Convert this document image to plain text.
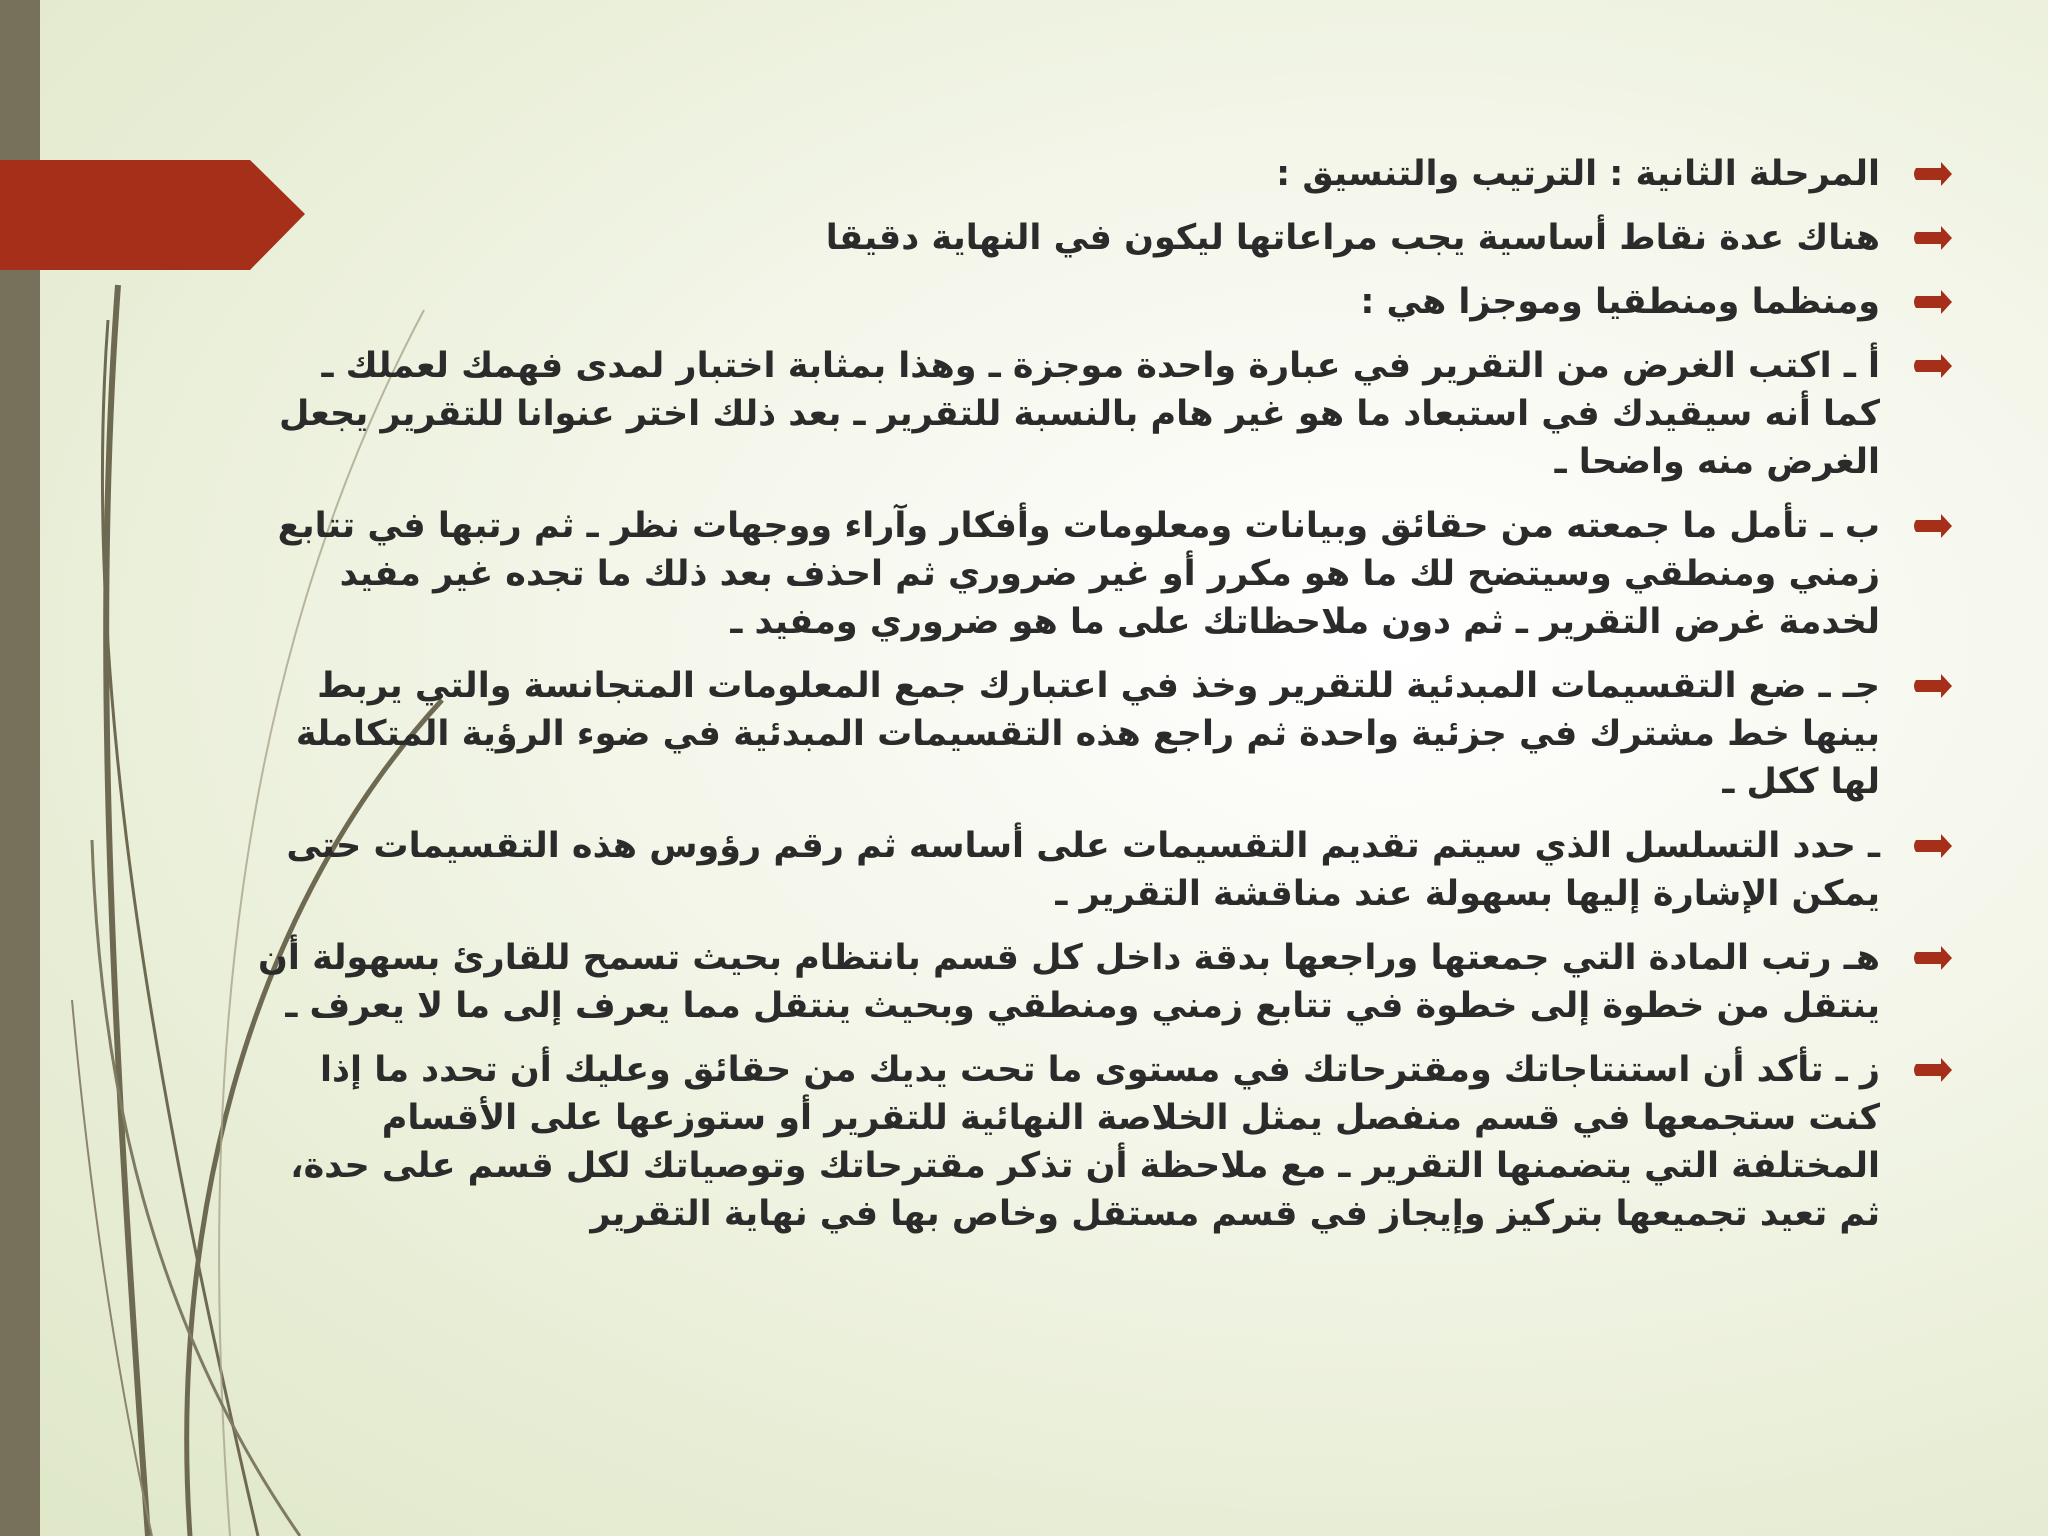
المرحلة الثانية : الترتيب والتنسيق :
هناك عدة نقاط أساسية يجب مراعاتها ليكون في النهاية دقيقا
ومنظما ومنطقيا وموجزا هي :
أ ـ اكتب الغرض من التقرير في عبارة واحدة موجزة ـ وهذا بمثابة اختبار لمدى فهمك لعملك ـ كما أنه سيقيدك في استبعاد ما هو غير هام بالنسبة للتقرير ـ بعد ذلك اختر عنوانا للتقرير يجعل الغرض منه واضحا ـ
ب ـ تأمل ما جمعته من حقائق وبيانات ومعلومات وأفكار وآراء ووجهات نظر ـ ثم رتبها في تتابع زمني ومنطقي وسيتضح لك ما هو مكرر أو غير ضروري ثم احذف بعد ذلك ما تجده غير مفيد لخدمة غرض التقرير ـ ثم دون ملاحظاتك على ما هو ضروري ومفيد ـ
جـ ـ ضع التقسيمات المبدئية للتقرير وخذ في اعتبارك جمع المعلومات المتجانسة والتي يربط بينها خط مشترك في جزئية واحدة ثم راجع هذه التقسيمات المبدئية في ضوء الرؤية المتكاملة لها ككل ـ
ـ حدد التسلسل الذي سيتم تقديم التقسيمات على أساسه ثم رقم رؤوس هذه التقسيمات حتى يمكن الإشارة إليها بسهولة عند مناقشة التقرير ـ
هـ رتب المادة التي جمعتها وراجعها بدقة داخل كل قسم بانتظام بحيث تسمح للقارئ بسهولة أن ينتقل من خطوة إلى خطوة في تتابع زمني ومنطقي وبحيث ينتقل مما يعرف إلى ما لا يعرف ـ
ز ـ تأكد أن استنتاجاتك ومقترحاتك في مستوى ما تحت يديك من حقائق وعليك أن تحدد ما إذا كنت ستجمعها في قسم منفصل يمثل الخلاصة النهائية للتقرير أو ستوزعها على الأقسام المختلفة التي يتضمنها التقرير ـ مع ملاحظة أن تذكر مقترحاتك وتوصياتك لكل قسم على حدة، ثم تعيد تجميعها بتركيز وإيجاز في قسم مستقل وخاص بها في نهاية التقرير
